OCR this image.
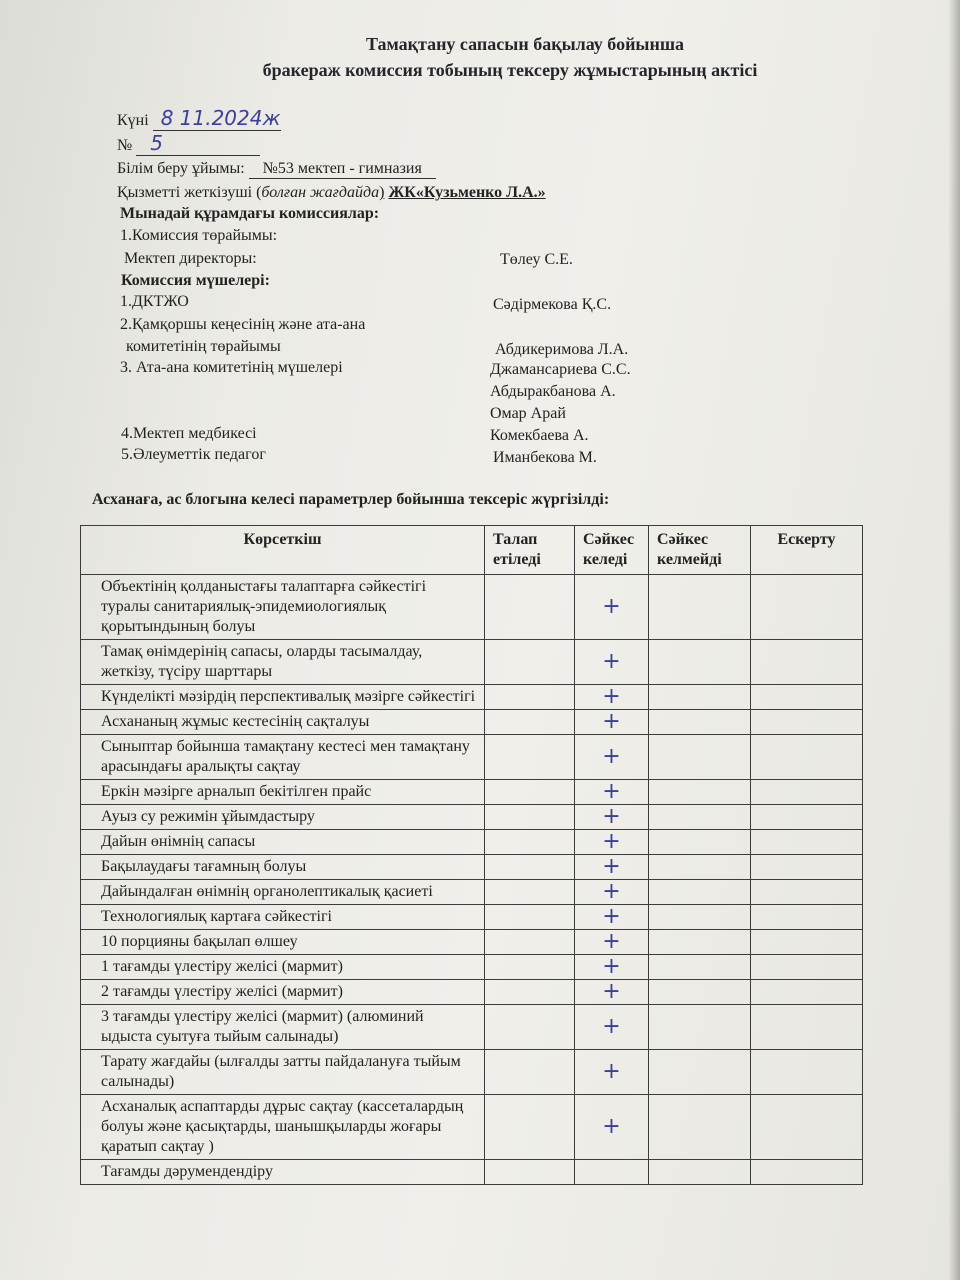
Тамақтану сапасын бақылау бойынша
бракераж комиссия тобының тексеру жұмыстарының актісі
Күні 8 11.2024ж
№ 5
Білім беру ұйымы: №53 мектеп - гимназия
Қызметті жеткізуші (болған жағдайда) ЖК«Кузьменко Л.А.»
Мынадай құрамдағы комиссиялар:
1.Комиссия төрайымы:
Мектеп директоры:	Төлеу С.Е.
Комиссия мүшелері:
1.ДКТЖО	Сәдірмекова Қ.С.
2.Қамқоршы кеңесінің және ата-ана
комитетінің төрайымы	Абдикеримова Л.А.
3. Ата-ана комитетінің мүшелері	Джамансариева С.С.
Абдыракбанова А.
Омар Арай
4.Мектеп медбикесі	Комекбаева А.
5.Әлеуметтік педагог	Иманбекова М.
Асханаға, ас блогына келесі параметрлер бойынша тексеріс жүргізілді:
Көрсеткіш	Талап етіледі	Сәйкес келеді	Сәйкес келмейді	Ескерту
Объектінің қолданыстағы талаптарға сәйкестігі туралы санитариялық-эпидемиологиялық қорытындының болуы		+		
Тамақ өнімдерінің сапасы, оларды тасымалдау, жеткізу, түсіру шарттары		+		
Күнделікті мәзірдің перспективалық мәзірге сәйкестігі		+		
Асхананың жұмыс кестесінің сақталуы		+		
Сыныптар бойынша тамақтану кестесі мен тамақтану арасындағы аралықты сақтау		+		
Еркін мәзірге арналып бекітілген прайс		+		
Ауыз су режимін ұйымдастыру		+		
Дайын өнімнің сапасы		+		
Бақылаудағы тағамның болуы		+		
Дайындалған өнімнің органолептикалық қасиеті		+		
Технологиялық картаға сәйкестігі		+		
10 порцияны бақылап өлшеу		+		
1 тағамды үлестіру желісі (мармит)		+		
2 тағамды үлестіру желісі (мармит)		+		
3 тағамды үлестіру желісі (мармит) (алюминий ыдыста суытуға тыйым салынады)		+		
Тарату жағдайы (ылғалды затты пайдалануға тыйым салынады)		+		
Асханалық аспаптарды дұрыс сақтау (кассеталардың болуы және қасықтарды, шанышқыларды жоғары қаратып сақтау )		+		
Тағамды дәрумендендіру				
